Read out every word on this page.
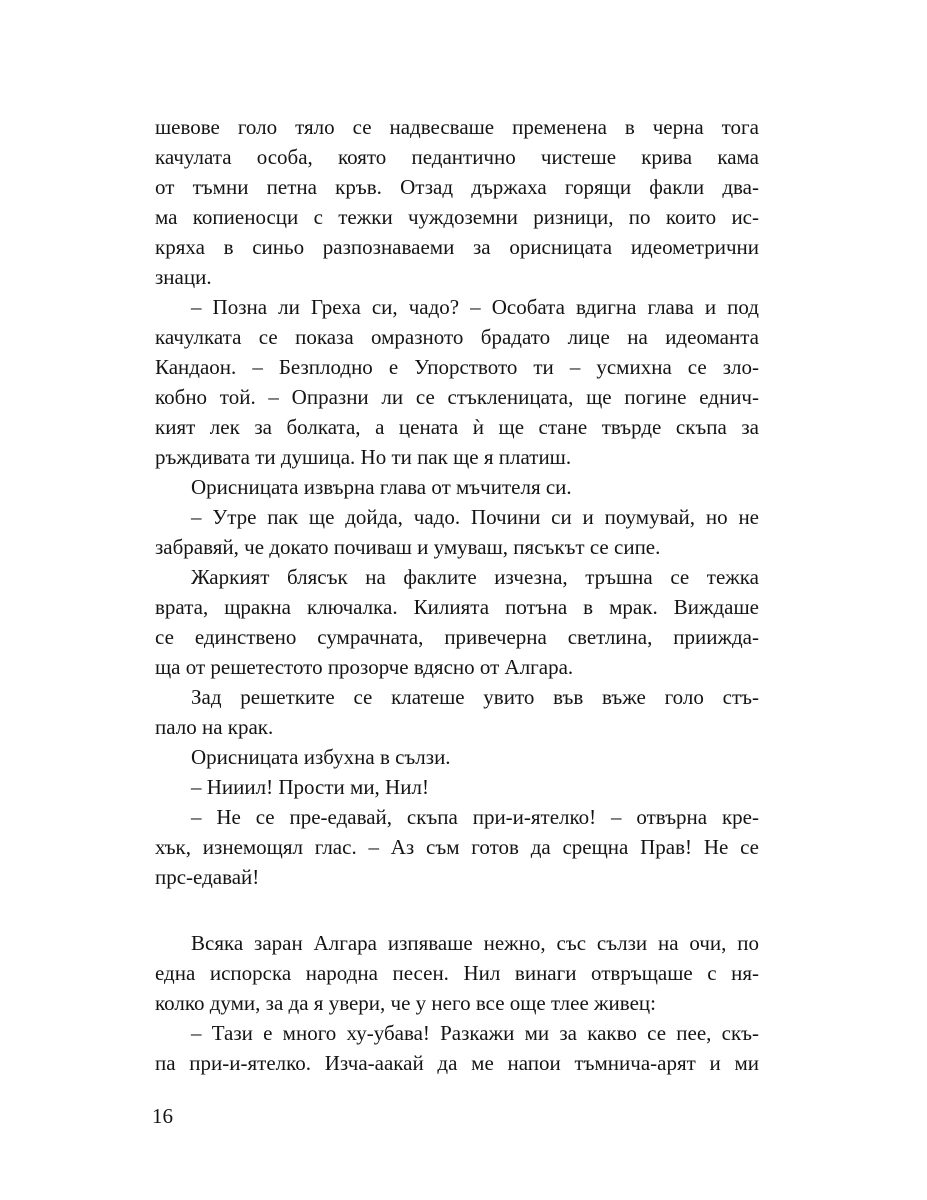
шевове голо тяло се надвесваше пременена в черна тога
качулата особа, която педантично чистеше крива кама
от тъмни петна кръв. Отзад държаха горящи факли два-
ма копиеносци с тежки чуждоземни ризници, по които ис-
кряха в синьо разпознаваеми за орисницата идеометрични
знаци.
– Позна ли Греха си, чадо? – Особата вдигна глава и под
качулката се показа омразното брадато лице на идеоманта
Кандаон. – Безплодно е Упорството ти – усмихна се зло-
кобно той. – Опразни ли се стъкленицата, ще погине еднич-
кият лек за болката, а цената ѝ ще стане твърде скъпа за
ръждивата ти душица. Но ти пак ще я платиш.
Орисницата извърна глава от мъчителя си.
– Утре пак ще дойда, чадо. Почини си и поумувай, но не
забравяй, че докато почиваш и умуваш, пясъкът се сипе.
Жаркият блясък на факлите изчезна, тръшна се тежка
врата, щракна ключалка. Килията потъна в мрак. Виждаше
се единствено сумрачната, привечерна светлина, приижда-
ща от решетестото прозорче вдясно от Алгара.
Зад решетките се клатеше увито във въже голо стъ-
пало на крак.
Орисницата избухна в сълзи.
– Нииил! Прости ми, Нил!
– Не се пре-едавай, скъпа при-и-ятелко! – отвърна кре-
хък, изнемощял глас. – Аз съм готов да срещна Прав! Не се
прс-едавай!
Всяка заран Алгара изпяваше нежно, със сълзи на очи, по
една испорска народна песен. Нил винаги отвръщаше с ня-
колко думи, за да я увери, че у него все още тлее живец:
– Тази е много ху-убава! Разкажи ми за какво се пее, скъ-
па при-и-ятелко. Изча-аакай да ме напои тъмнича-арят и ми
16
